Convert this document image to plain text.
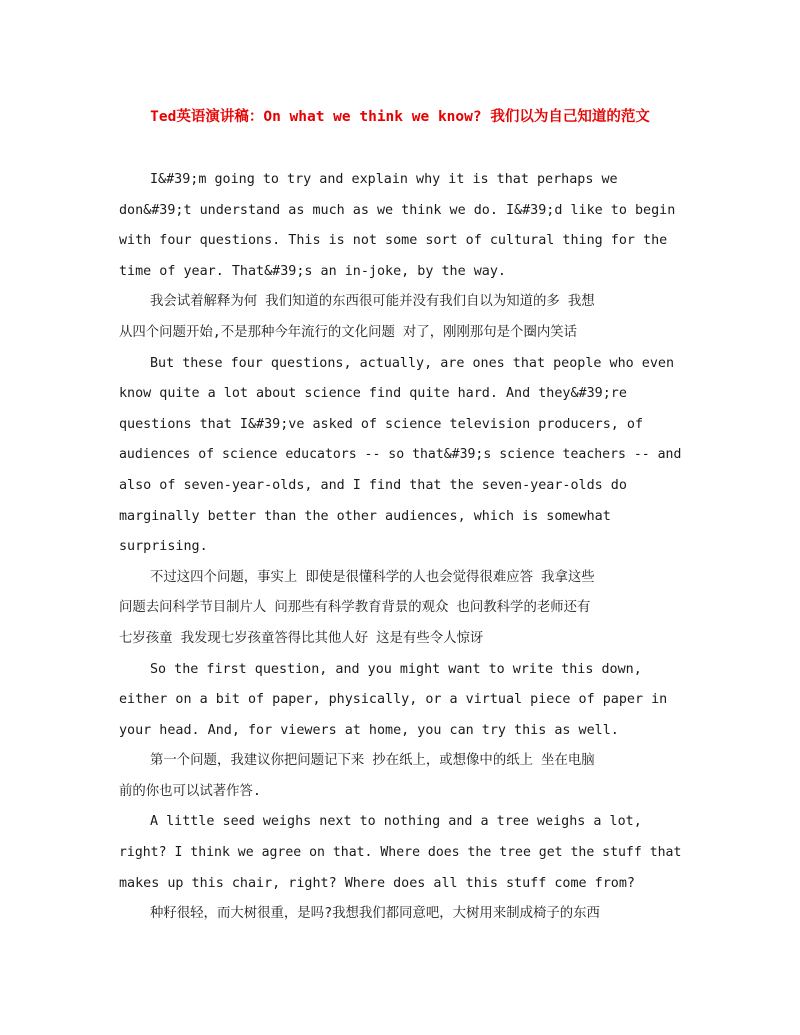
Ted英语演讲稿：On what we think we know? 我们以为自己知道的范文
I&#39;m going to try and explain why it is that perhaps we
don&#39;t understand as much as we think we do. I&#39;d like to begin
with four questions. This is not some sort of cultural thing for the
time of year. That&#39;s an in-joke, by the way.
我会试着解释为何 我们知道的东西很可能并没有我们自以为知道的多 我想
从四个问题开始,不是那种今年流行的文化问题 对了，刚刚那句是个圈内笑话
But these four questions, actually, are ones that people who even
know quite a lot about science find quite hard. And they&#39;re
questions that I&#39;ve asked of science television producers, of
audiences of science educators -- so that&#39;s science teachers -- and
also of seven-year-olds, and I find that the seven-year-olds do
marginally better than the other audiences, which is somewhat
surprising.
不过这四个问题，事实上 即使是很懂科学的人也会觉得很难应答 我拿这些
问题去问科学节目制片人 问那些有科学教育背景的观众 也问教科学的老师还有
七岁孩童 我发现七岁孩童答得比其他人好 这是有些令人惊讶
So the first question, and you might want to write this down,
either on a bit of paper, physically, or a virtual piece of paper in
your head. And, for viewers at home, you can try this as well.
第一个问题，我建议你把问题记下来 抄在纸上，或想像中的纸上 坐在电脑
前的你也可以试著作答.
A little seed weighs next to nothing and a tree weighs a lot,
right? I think we agree on that. Where does the tree get the stuff that
makes up this chair, right? Where does all this stuff come from?
种籽很轻，而大树很重，是吗?我想我们都同意吧，大树用来制成椅子的东西
